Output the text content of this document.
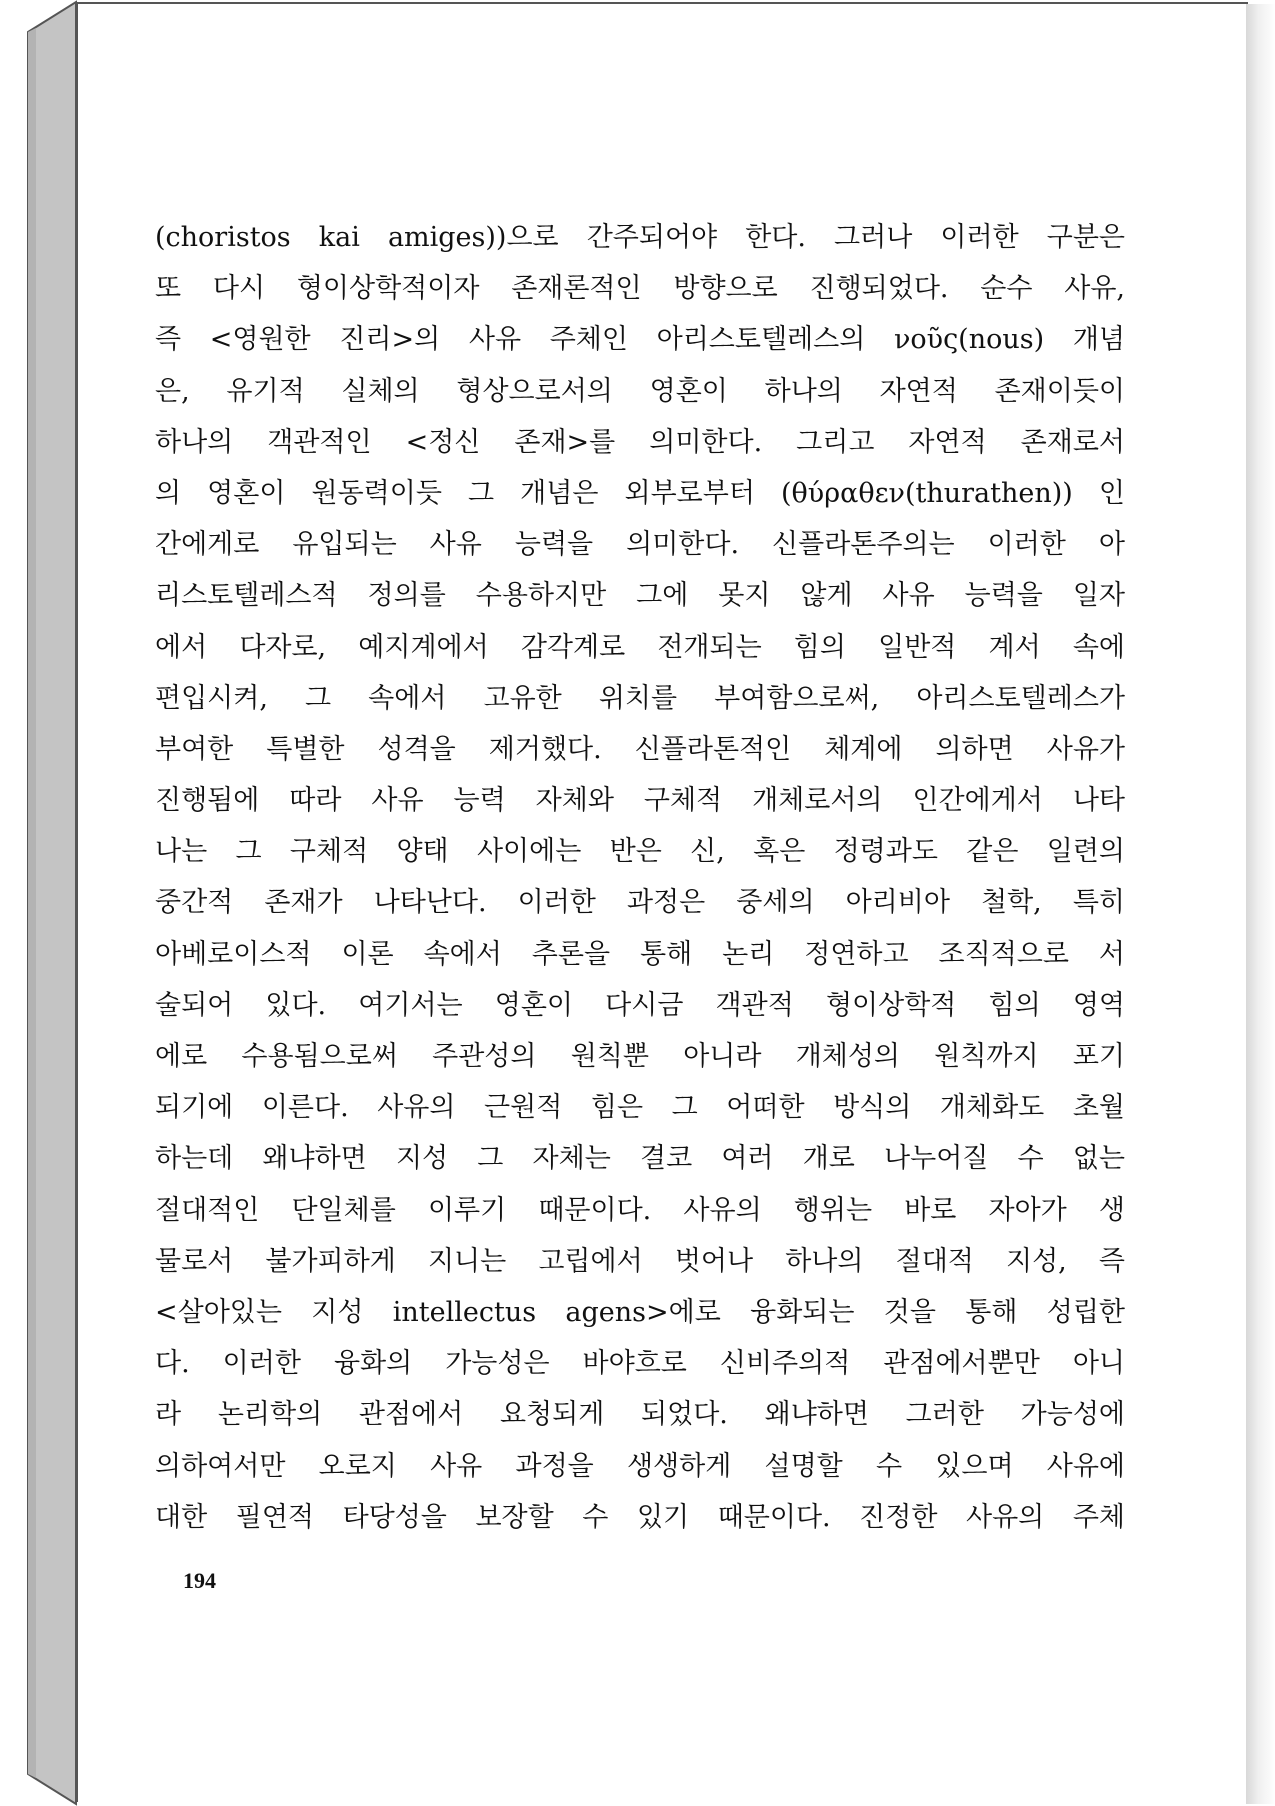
(choristos kai amiges))으로 간주되어야 한다. 그러나 이러한 구분은
또 다시 형이상학적이자 존재론적인 방향으로 진행되었다. 순수 사유,
즉 <영원한 진리>의 사유 주체인 아리스토텔레스의 νοῦς(nous) 개념
은, 유기적 실체의 형상으로서의 영혼이 하나의 자연적 존재이듯이
하나의 객관적인 <정신 존재>를 의미한다. 그리고 자연적 존재로서
의 영혼이 원동력이듯 그 개념은 외부로부터 (θύραθεν(thurathen)) 인
간에게로 유입되는 사유 능력을 의미한다. 신플라톤주의는 이러한 아
리스토텔레스적 정의를 수용하지만 그에 못지 않게 사유 능력을 일자
에서 다자로, 예지계에서 감각계로 전개되는 힘의 일반적 계서 속에
편입시켜, 그 속에서 고유한 위치를 부여함으로써, 아리스토텔레스가
부여한 특별한 성격을 제거했다. 신플라톤적인 체계에 의하면 사유가
진행됨에 따라 사유 능력 자체와 구체적 개체로서의 인간에게서 나타
나는 그 구체적 양태 사이에는 반은 신, 혹은 정령과도 같은 일련의
중간적 존재가 나타난다. 이러한 과정은 중세의 아리비아 철학, 특히
아베로이스적 이론 속에서 추론을 통해 논리 정연하고 조직적으로 서
술되어 있다. 여기서는 영혼이 다시금 객관적 형이상학적 힘의 영역
에로 수용됨으로써 주관성의 원칙뿐 아니라 개체성의 원칙까지 포기
되기에 이른다. 사유의 근원적 힘은 그 어떠한 방식의 개체화도 초월
하는데 왜냐하면 지성 그 자체는 결코 여러 개로 나누어질 수 없는
절대적인 단일체를 이루기 때문이다. 사유의 행위는 바로 자아가 생
물로서 불가피하게 지니는 고립에서 벗어나 하나의 절대적 지성, 즉
<살아있는 지성 intellectus agens>에로 융화되는 것을 통해 성립한
다. 이러한 융화의 가능성은 바야흐로 신비주의적 관점에서뿐만 아니
라 논리학의 관점에서 요청되게 되었다. 왜냐하면 그러한 가능성에
의하여서만 오로지 사유 과정을 생생하게 설명할 수 있으며 사유에
대한 필연적 타당성을 보장할 수 있기 때문이다. 진정한 사유의 주체
194
